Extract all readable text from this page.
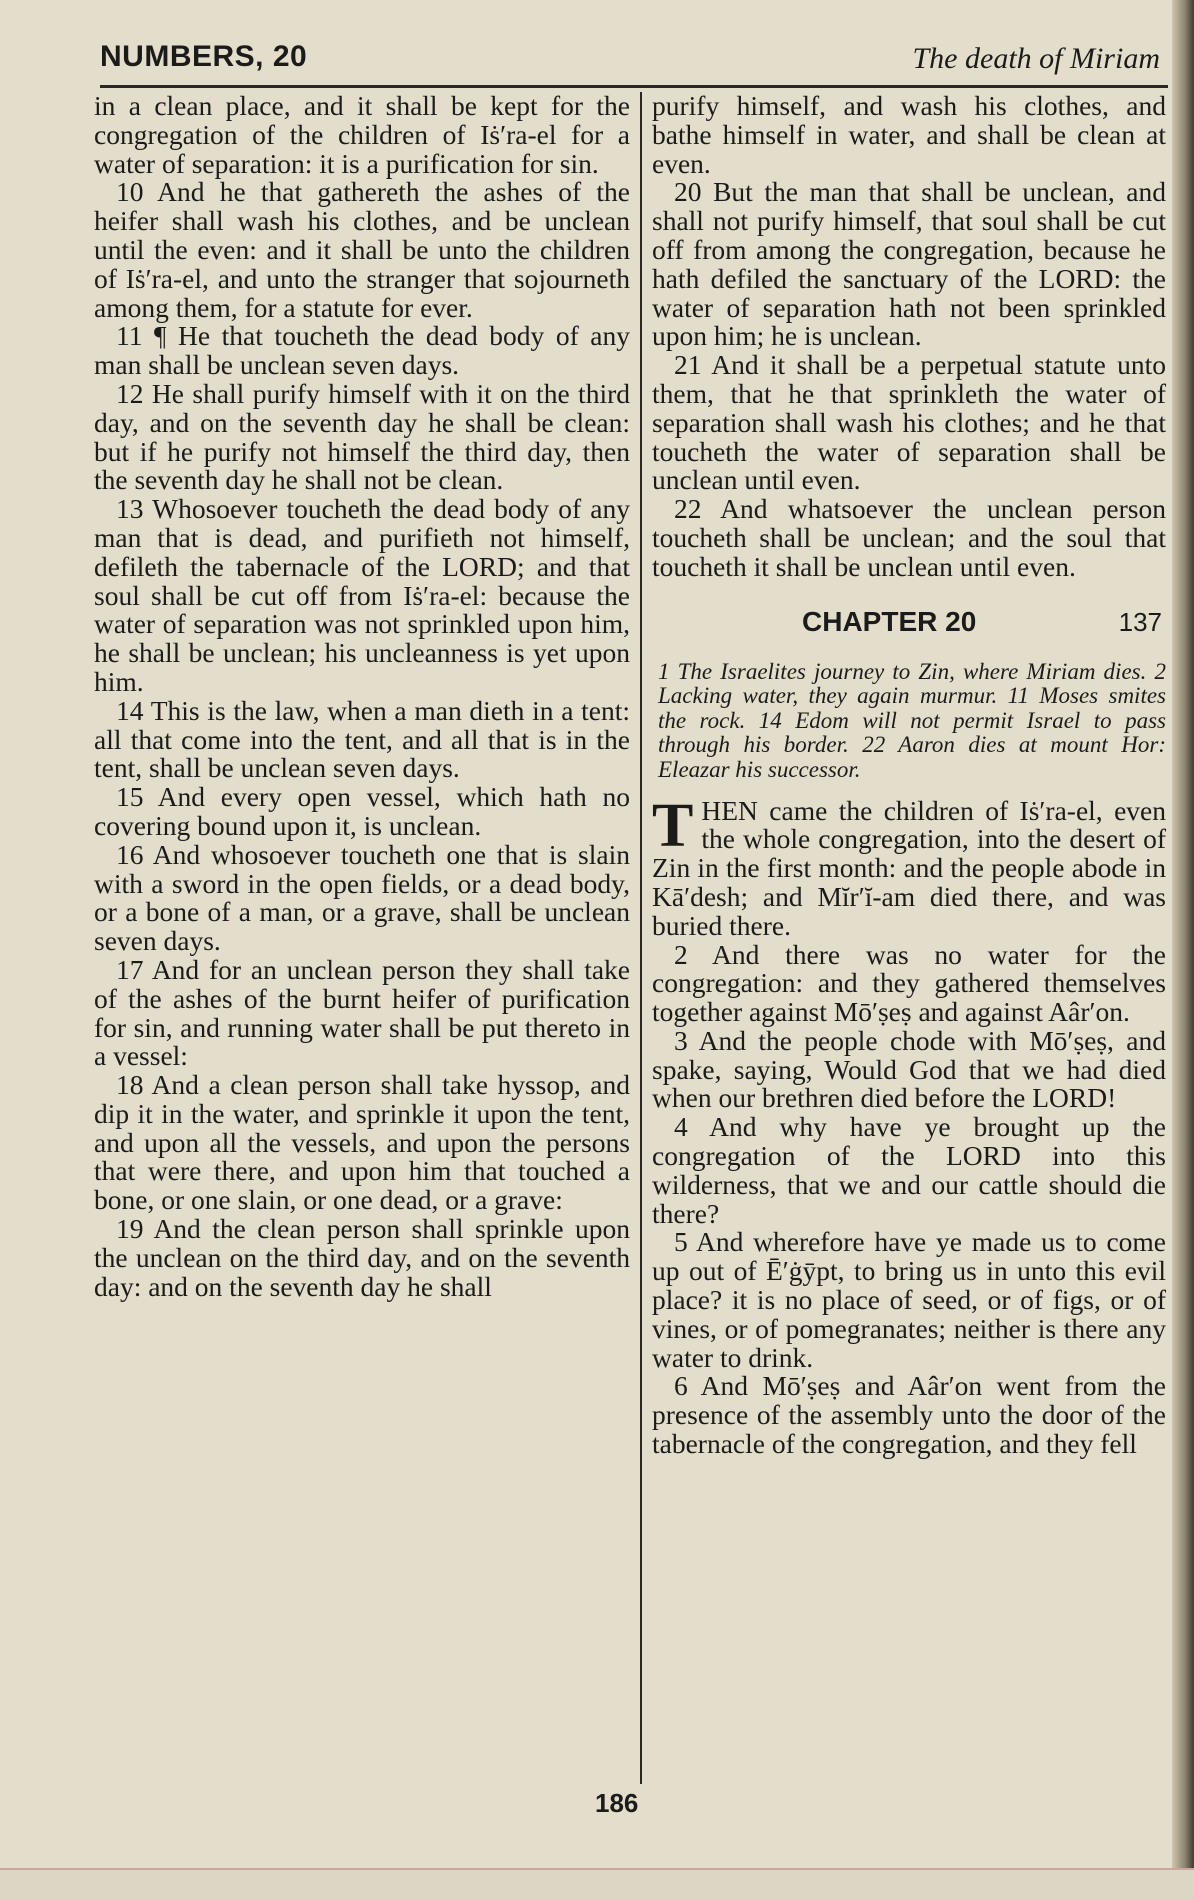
NUMBERS, 20	The death of Miriam

in a clean place, and it shall be kept for the congregation of the children of Iṡ′ra-el for a water of separation: it is a purification for sin.

10 And he that gathereth the ashes of the heifer shall wash his clothes, and be unclean until the even: and it shall be unto the children of Iṡ′ra-el, and unto the stranger that sojourneth among them, for a statute for ever.

11 ¶ He that toucheth the dead body of any man shall be unclean seven days.

12 He shall purify himself with it on the third day, and on the seventh day he shall be clean: but if he purify not himself the third day, then the seventh day he shall not be clean.

13 Whosoever toucheth the dead body of any man that is dead, and purifieth not himself, defileth the tabernacle of the LORD; and that soul shall be cut off from Iṡ′ra-el: because the water of separation was not sprinkled upon him, he shall be unclean; his uncleanness is yet upon him.

14 This is the law, when a man dieth in a tent: all that come into the tent, and all that is in the tent, shall be unclean seven days.

15 And every open vessel, which hath no covering bound upon it, is unclean.

16 And whosoever toucheth one that is slain with a sword in the open fields, or a dead body, or a bone of a man, or a grave, shall be unclean seven days.

17 And for an unclean person they shall take of the ashes of the burnt heifer of purification for sin, and running water shall be put thereto in a vessel:

18 And a clean person shall take hyssop, and dip it in the water, and sprinkle it upon the tent, and upon all the vessels, and upon the persons that were there, and upon him that touched a bone, or one slain, or one dead, or a grave:

19 And the clean person shall sprinkle upon the unclean on the third day, and on the seventh day: and on the seventh day he shall

purify himself, and wash his clothes, and bathe himself in water, and shall be clean at even.

20 But the man that shall be unclean, and shall not purify himself, that soul shall be cut off from among the congregation, because he hath defiled the sanctuary of the LORD: the water of separation hath not been sprinkled upon him; he is unclean.

21 And it shall be a perpetual statute unto them, that he that sprinkleth the water of separation shall wash his clothes; and he that toucheth the water of separation shall be unclean until even.

22 And whatsoever the unclean person toucheth shall be unclean; and the soul that toucheth it shall be unclean until even.

CHAPTER 20	137

1 The Israelites journey to Zin, where Miriam dies. 2 Lacking water, they again murmur. 11 Moses smites the rock. 14 Edom will not permit Israel to pass through his border. 22 Aaron dies at mount Hor: Eleazar his successor.

THEN came the children of Iṡ′ra-el, even the whole congregation, into the desert of Zin in the first month: and the people abode in Kā′desh; and Mĭr′ĭ-am died there, and was buried there.

2 And there was no water for the congregation: and they gathered themselves together against Mō′ṣeṣ and against Aâr′on.

3 And the people chode with Mō′ṣeṣ, and spake, saying, Would God that we had died when our brethren died before the LORD!

4 And why have ye brought up the congregation of the LORD into this wilderness, that we and our cattle should die there?

5 And wherefore have ye made us to come up out of Ē′ġȳpt, to bring us in unto this evil place? it is no place of seed, or of figs, or of vines, or of pomegranates; neither is there any water to drink.

6 And Mō′ṣeṣ and Aâr′on went from the presence of the assembly unto the door of the tabernacle of the congregation, and they fell

186
